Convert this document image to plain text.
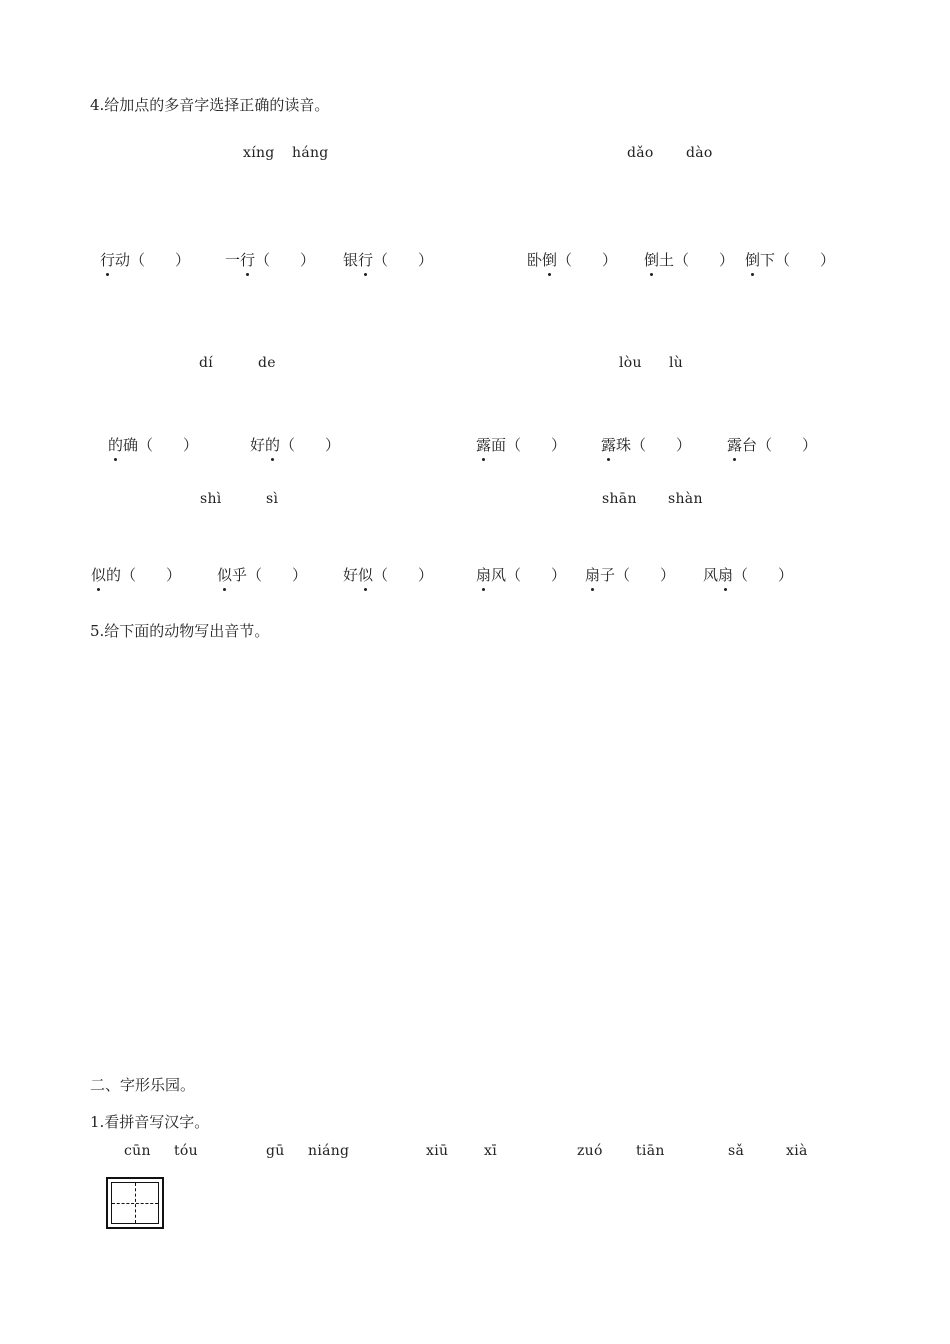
4.给加点的多音字选择正确的读音。
xíng háng	dǎo dào
行动（　　） 一行（　　） 银行（　　）	卧倒（　　） 倒土（　　） 倒下（　　）
dí	de	lòu lù
的确（　　）	好的（　　）	露面（　　） 露珠（　　） 露台（　　）
shì	sì	shān shàn
似的（　　） 似乎（　　） 好似（　　）	扇风（　　） 扇子（　　） 风扇（　　）
5.给下面的动物写出音节。
二、字形乐园。
1.看拼音写汉字。
cūn tóu	gū niáng	xiū	xī	zuó tiān	sǎ	xià
